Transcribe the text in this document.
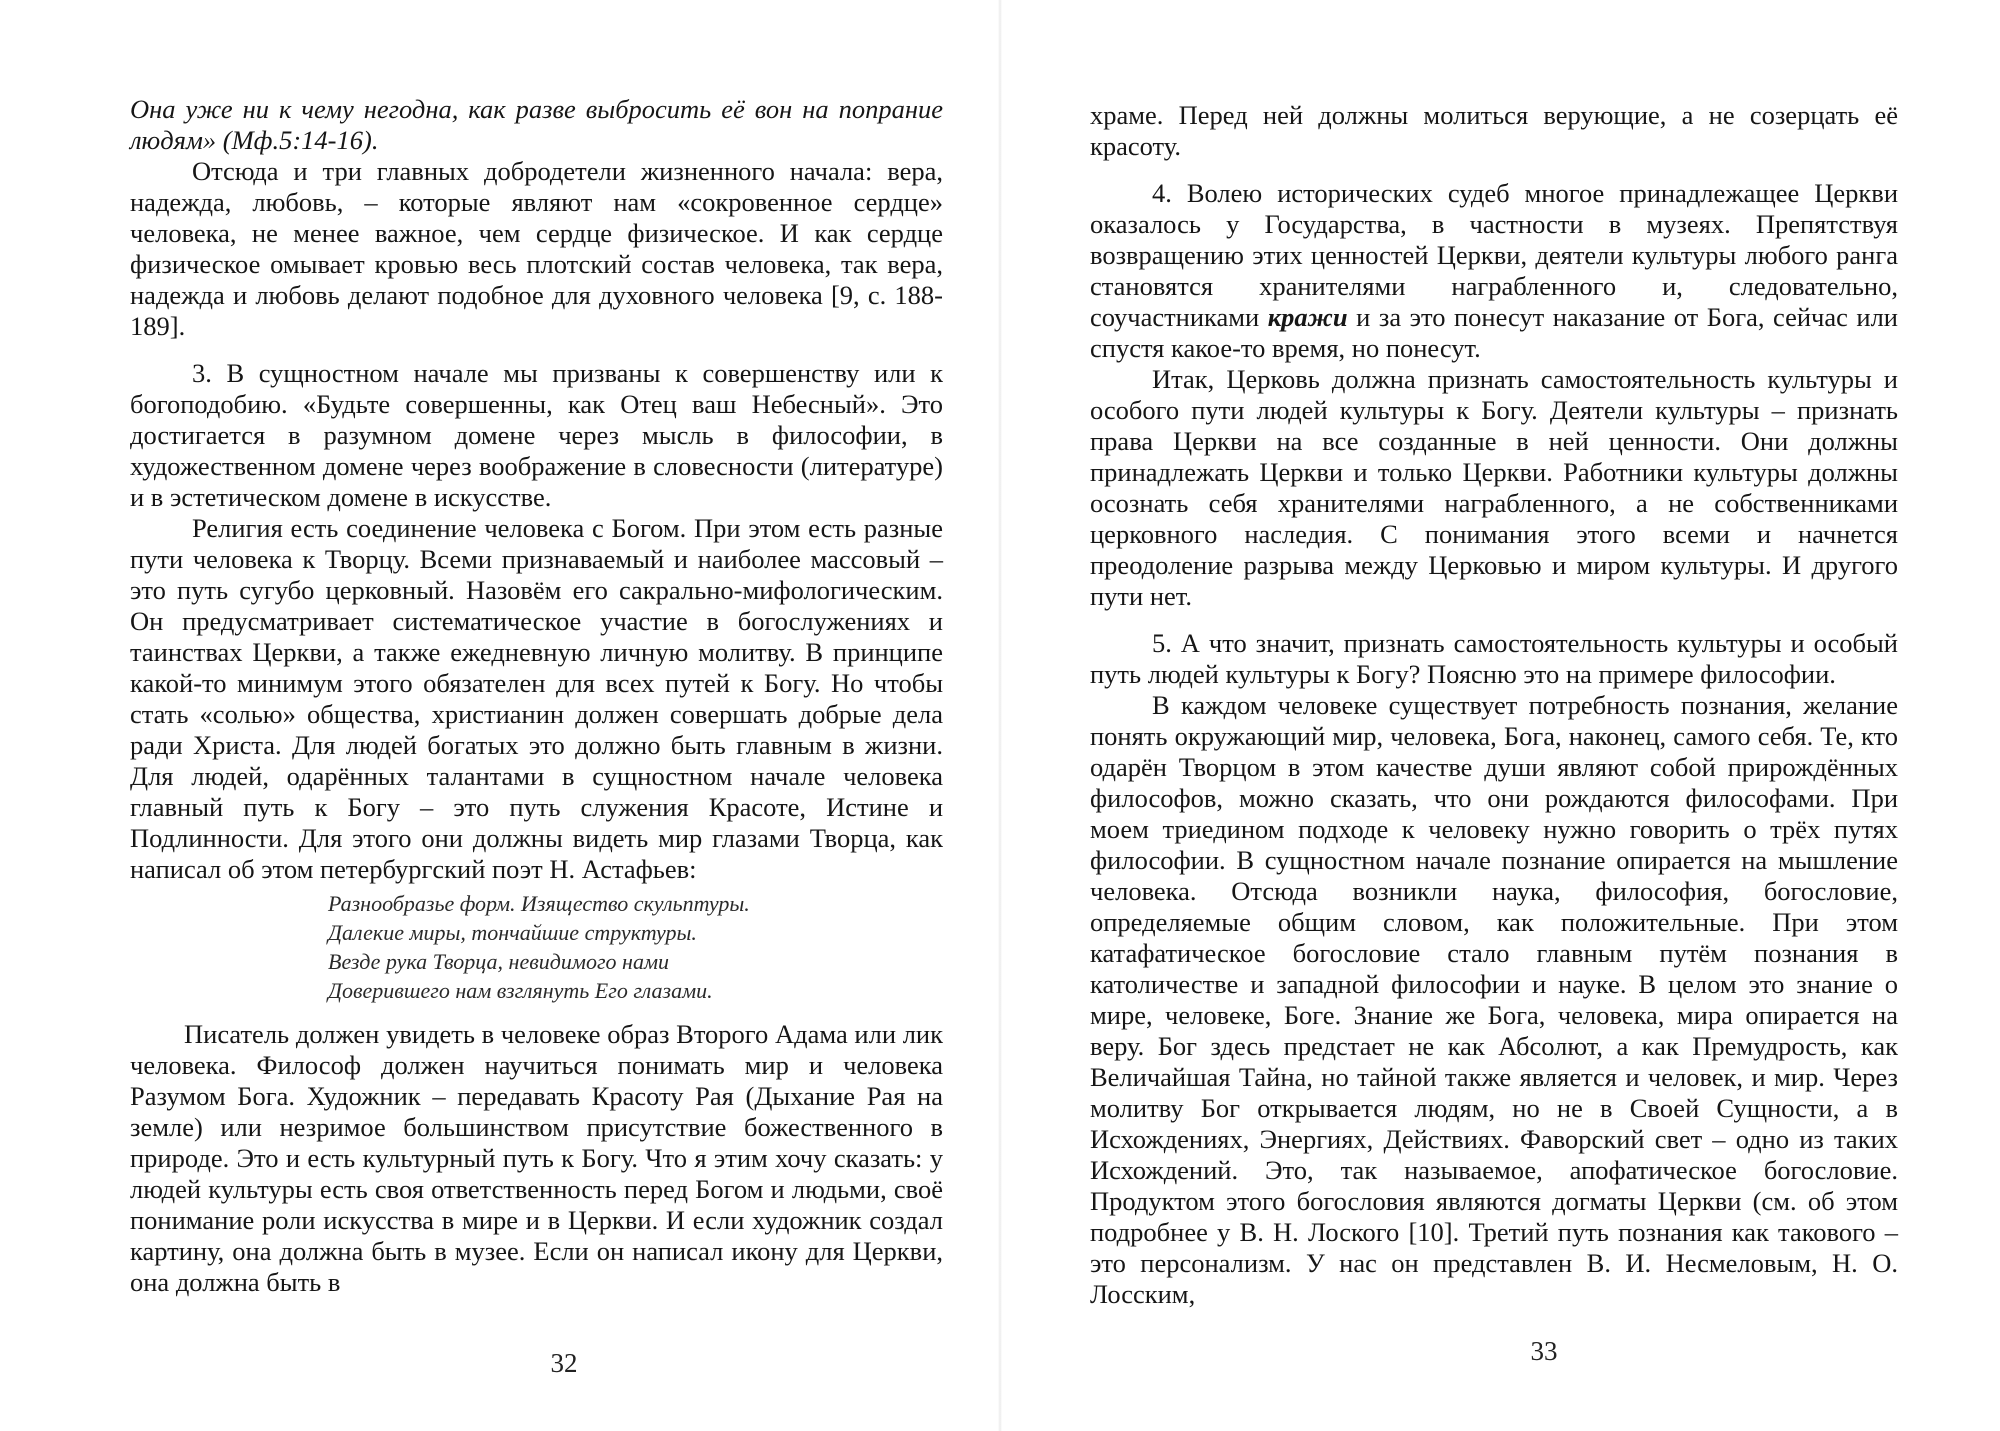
Она уже ни к чему негодна, как разве выбросить её вон на попрание людям» (Мф.5:14-16).

Отсюда и три главных добродетели жизненного начала: вера, надежда, любовь, – которые являют нам «сокровенное сердце» человека, не менее важное, чем сердце физическое. И как сердце физическое омывает кровью весь плотский состав человека, так вера, надежда и любовь делают подобное для духовного человека [9, с. 188-189].

3. В сущностном начале мы призваны к совершенству или к богоподобию. «Будьте совершенны, как Отец ваш Небесный». Это достигается в разумном домене через мысль в философии, в художественном домене через воображение в словесности (литературе) и в эстетическом домене в искусстве.

Религия есть соединение человека с Богом. При этом есть разные пути человека к Творцу. Всеми признаваемый и наиболее массовый – это путь сугубо церковный. Назовём его сакрально-мифологическим. Он предусматривает систематическое участие в богослужениях и таинствах Церкви, а также ежедневную личную молитву. В принципе какой-то минимум этого обязателен для всех путей к Богу. Но чтобы стать «солью» общества, христианин должен совершать добрые дела ради Христа. Для людей богатых это должно быть главным в жизни. Для людей, одарённых талантами в сущностном начале человека главный путь к Богу – это путь служения Красоте, Истине и Подлинности. Для этого они должны видеть мир глазами Творца, как написал об этом петербургский поэт Н. Астафьев:

Разнообразье форм. Изящество скульптуры.
Далекие миры, тончайшие структуры.
Везде рука Творца, невидимого нами
Доверившего нам взглянуть Его глазами.

Писатель должен увидеть в человеке образ Второго Адама или лик человека. Философ должен научиться понимать мир и человека Разумом Бога. Художник – передавать Красоту Рая (Дыхание Рая на земле) или незримое большинством присутствие божественного в природе. Это и есть культурный путь к Богу. Что я этим хочу сказать: у людей культуры есть своя ответственность перед Богом и людьми, своё понимание роли искусства в мире и в Церкви. И если художник создал картину, она должна быть в музее. Если он написал икону для Церкви, она должна быть в

32

храме. Перед ней должны молиться верующие, а не созерцать её красоту.

4. Волею исторических судеб многое принадлежащее Церкви оказалось у Государства, в частности в музеях. Препятствуя возвращению этих ценностей Церкви, деятели культуры любого ранга становятся хранителями награбленного и, следовательно, соучастниками кражи и за это понесут наказание от Бога, сейчас или спустя какое-то время, но понесут.

Итак, Церковь должна признать самостоятельность культуры и особого пути людей культуры к Богу. Деятели культуры – признать права Церкви на все созданные в ней ценности. Они должны принадлежать Церкви и только Церкви. Работники культуры должны осознать себя хранителями награбленного, а не собственниками церковного наследия. С понимания этого всеми и начнется преодоление разрыва между Церковью и миром культуры. И другого пути нет.

5. А что значит, признать самостоятельность культуры и особый путь людей культуры к Богу? Поясню это на примере философии.

В каждом человеке существует потребность познания, желание понять окружающий мир, человека, Бога, наконец, самого себя. Те, кто одарён Творцом в этом качестве души являют собой прирождённых философов, можно сказать, что они рождаются философами. При моем триедином подходе к человеку нужно говорить о трёх путях философии. В сущностном начале познание опирается на мышление человека. Отсюда возникли наука, философия, богословие, определяемые общим словом, как положительные. При этом катафатическое богословие стало главным путём познания в католичестве и западной философии и науке. В целом это знание о мире, человеке, Боге. Знание же Бога, человека, мира опирается на веру. Бог здесь предстает не как Абсолют, а как Премудрость, как Величайшая Тайна, но тайной также является и человек, и мир. Через молитву Бог открывается людям, но не в Своей Сущности, а в Исхождениях, Энергиях, Действиях. Фаворский свет – одно из таких Исхождений. Это, так называемое, апофатическое богословие. Продуктом этого богословия являются догматы Церкви (см. об этом подробнее у В. Н. Лоского [10]. Третий путь познания как такового – это персонализм. У нас он представлен В. И. Несмеловым, Н. О. Лосским,

33
